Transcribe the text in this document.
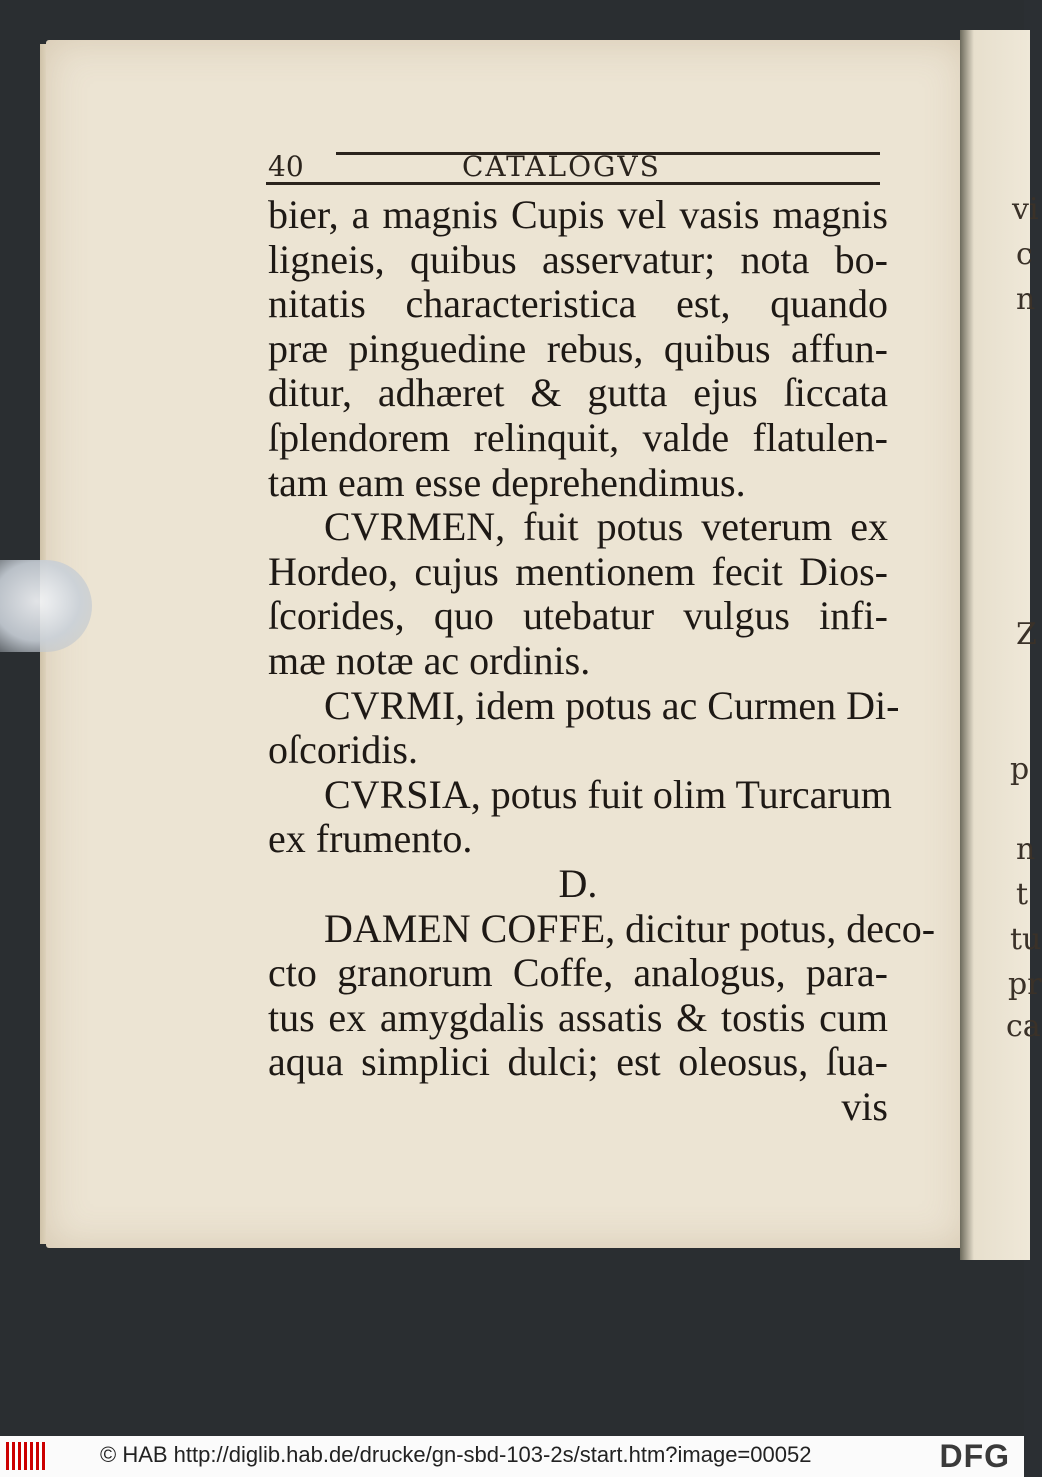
vi

c

n

Z

p

n

t

tu

pr

ca

40	CATALOGVS
bier, a magnis Cupis vel vasis magnis
ligneis, quibus asservatur; nota bo-
nitatis characteristica est, quando
præ pinguedine rebus, quibus affun-
ditur, adhæret & gutta ejus ſiccata
ſplendorem relinquit, valde flatulen-
tam eam esse deprehendimus.
CVRMEN, fuit potus veterum ex
Hordeo, cujus mentionem fecit Dios-
ſcorides, quo utebatur vulgus infi-
mæ notæ ac ordinis.
CVRMI, idem potus ac Curmen Di-
oſcoridis.
CVRSIA, potus fuit olim Turcarum
ex frumento.
D.
DAMEN COFFE, dicitur potus, deco-
cto granorum Coffe, analogus, para-
tus ex amygdalis assatis & tostis cum
aqua simplici dulci; est oleosus, ſua-
vis
© HAB http://diglib.hab.de/drucke/gn-sbd-103-2s/start.htm?image=00052	DFG
